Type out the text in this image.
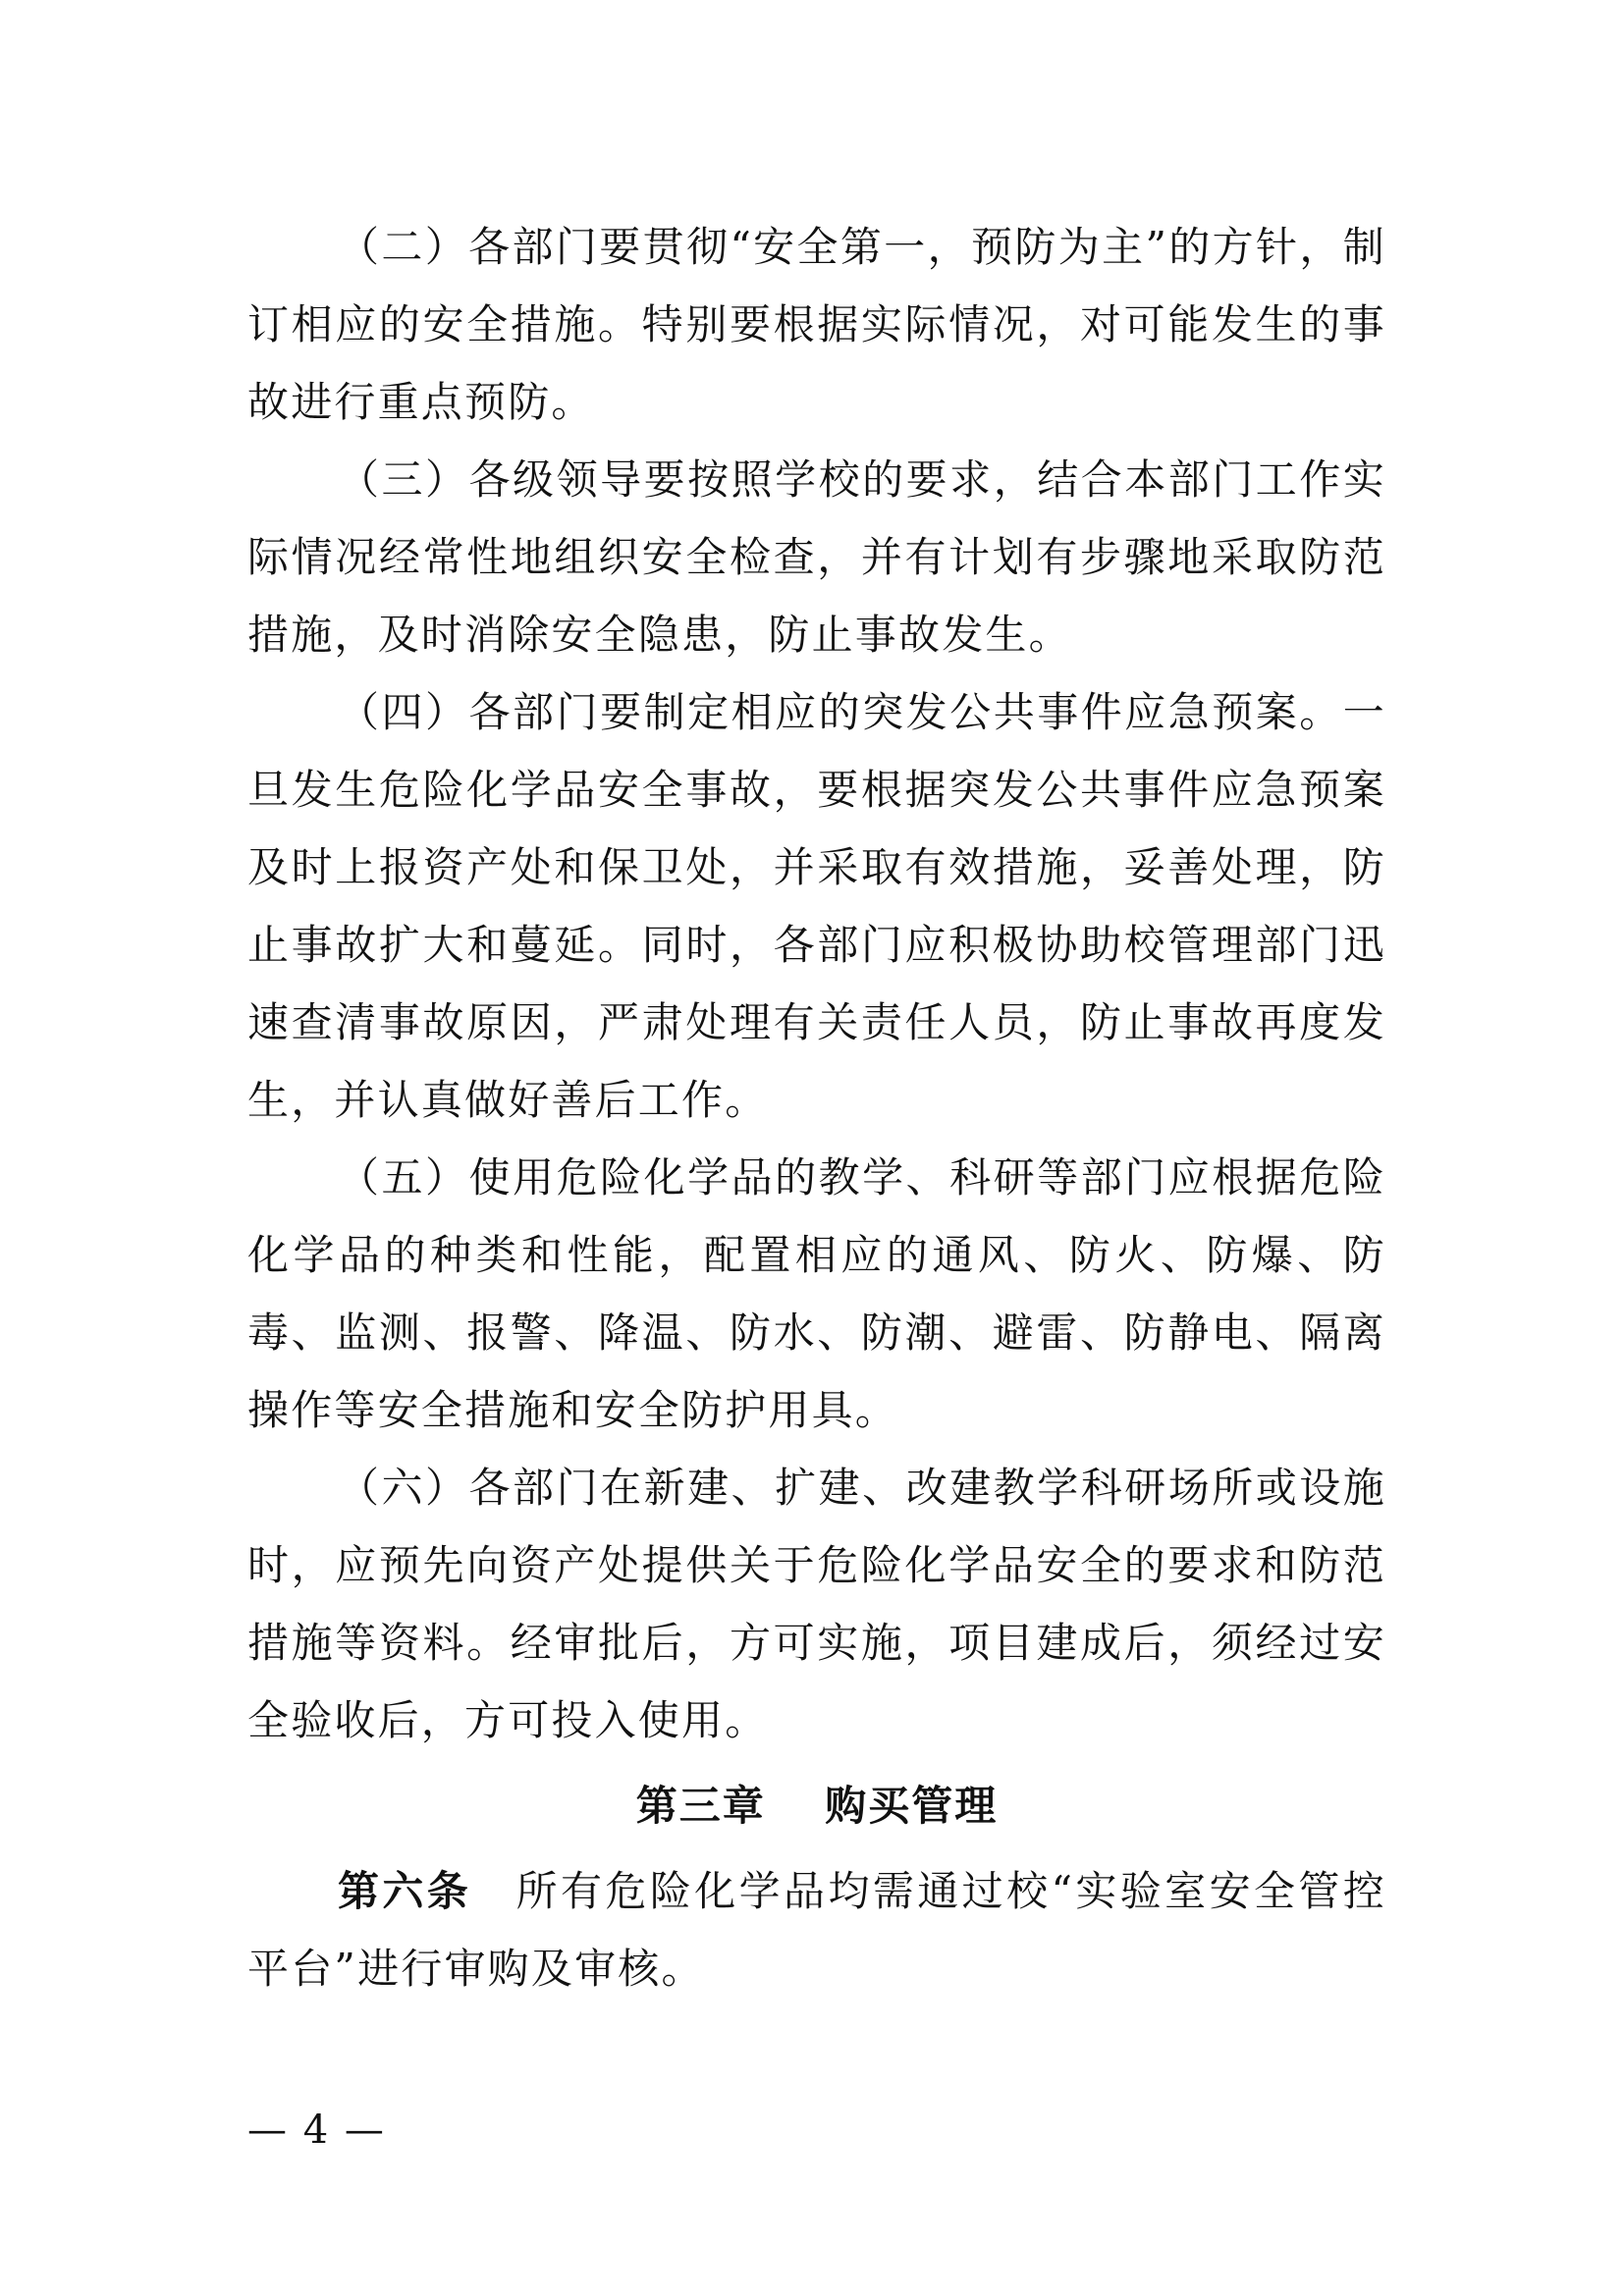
（二）各部门要贯彻“安全第一，预防为主”的方针，制订相应的安全措施。特别要根据实际情况，对可能发生的事故进行重点预防。

（三）各级领导要按照学校的要求，结合本部门工作实际情况经常性地组织安全检查，并有计划有步骤地采取防范措施，及时消除安全隐患，防止事故发生。

（四）各部门要制定相应的突发公共事件应急预案。一旦发生危险化学品安全事故，要根据突发公共事件应急预案及时上报资产处和保卫处，并采取有效措施，妥善处理，防止事故扩大和蔓延。同时，各部门应积极协助校管理部门迅速查清事故原因，严肃处理有关责任人员，防止事故再度发生，并认真做好善后工作。

（五）使用危险化学品的教学、科研等部门应根据危险化学品的种类和性能，配置相应的通风、防火、防爆、防毒、监测、报警、降温、防水、防潮、避雷、防静电、隔离操作等安全措施和安全防护用具。

（六）各部门在新建、扩建、改建教学科研场所或设施时，应预先向资产处提供关于危险化学品安全的要求和防范措施等资料。经审批后，方可实施，项目建成后，须经过安全验收后，方可投入使用。

第三章　 购买管理

第六条　 所有危险化学品均需通过校“实验室安全管控平台”进行审购及审核。

— 4 —
